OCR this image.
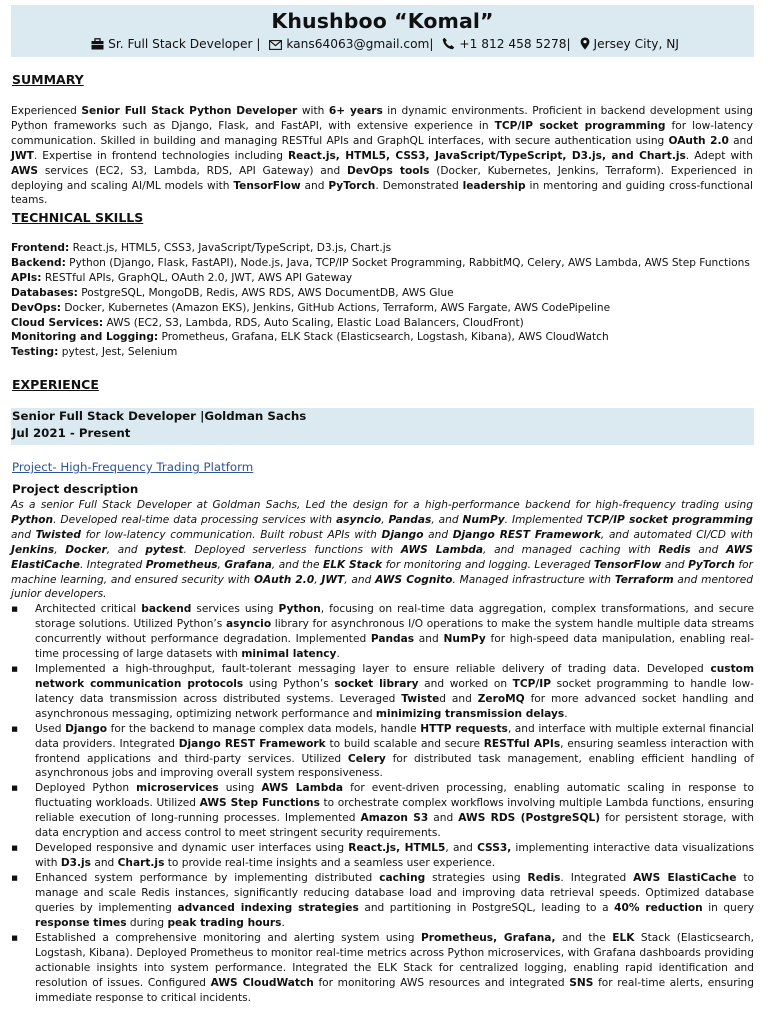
Khushboo “Komal”
Sr. Full Stack Developer | kans64063@gmail.com| +1 812 458 5278| Jersey City, NJ
SUMMARY

Experienced Senior Full Stack Python Developer with 6+ years in dynamic environments. Proficient in backend development using Python frameworks such as Django, Flask, and FastAPI, with extensive experience in TCP/IP socket programming for low-latency communication. Skilled in building and managing RESTful APIs and GraphQL interfaces, with secure authentication using OAuth 2.0 and JWT. Expertise in frontend technologies including React.js, HTML5, CSS3, JavaScript/TypeScript, D3.js, and Chart.js. Adept with AWS services (EC2, S3, Lambda, RDS, API Gateway) and DevOps tools (Docker, Kubernetes, Jenkins, Terraform). Experienced in deploying and scaling AI/ML models with TensorFlow and PyTorch. Demonstrated leadership in mentoring and guiding cross-functional teams.

TECHNICAL SKILLS
Frontend: React.js, HTML5, CSS3, JavaScript/TypeScript, D3.js, Chart.js
Backend: Python (Django, Flask, FastAPI), Node.js, Java, TCP/IP Socket Programming, RabbitMQ, Celery, AWS Lambda, AWS Step Functions
APIs: RESTful APIs, GraphQL, OAuth 2.0, JWT, AWS API Gateway
Databases: PostgreSQL, MongoDB, Redis, AWS RDS, AWS DocumentDB, AWS Glue
DevOps: Docker, Kubernetes (Amazon EKS), Jenkins, GitHub Actions, Terraform, AWS Fargate, AWS CodePipeline
Cloud Services: AWS (EC2, S3, Lambda, RDS, Auto Scaling, Elastic Load Balancers, CloudFront)
Monitoring and Logging: Prometheus, Grafana, ELK Stack (Elasticsearch, Logstash, Kibana), AWS CloudWatch
Testing: pytest, Jest, Selenium
EXPERIENCE
Senior Full Stack Developer |Goldman Sachs
Jul 2021 - Present
Project- High-Frequency Trading Platform
Project description

As a senior Full Stack Developer at Goldman Sachs, Led the design for a high-performance backend for high-frequency trading using Python. Developed real-time data processing services with asyncio, Pandas, and NumPy. Implemented TCP/IP socket programming and Twisted for low-latency communication. Built robust APIs with Django and Django REST Framework, and automated CI/CD with Jenkins, Docker, and pytest. Deployed serverless functions with AWS Lambda, and managed caching with Redis and AWS ElastiCache. Integrated Prometheus, Grafana, and the ELK Stack for monitoring and logging. Leveraged TensorFlow and PyTorch for machine learning, and ensured security with OAuth 2.0, JWT, and AWS Cognito. Managed infrastructure with Terraform and mentored junior developers.

▪ Architected critical backend services using Python, focusing on real-time data aggregation, complex transformations, and secure storage solutions. Utilized Python’s asyncio library for asynchronous I/O operations to make the system handle multiple data streams concurrently without performance degradation. Implemented Pandas and NumPy for high-speed data manipulation, enabling real-time processing of large datasets with minimal latency.
▪ Implemented a high-throughput, fault-tolerant messaging layer to ensure reliable delivery of trading data. Developed custom network communication protocols using Python’s socket library and worked on TCP/IP socket programming to handle low-latency data transmission across distributed systems. Leveraged Twisted and ZeroMQ for more advanced socket handling and asynchronous messaging, optimizing network performance and minimizing transmission delays.
▪ Used Django for the backend to manage complex data models, handle HTTP requests, and interface with multiple external financial data providers. Integrated Django REST Framework to build scalable and secure RESTful APIs, ensuring seamless interaction with frontend applications and third-party services. Utilized Celery for distributed task management, enabling efficient handling of asynchronous jobs and improving overall system responsiveness.
▪ Deployed Python microservices using AWS Lambda for event-driven processing, enabling automatic scaling in response to fluctuating workloads. Utilized AWS Step Functions to orchestrate complex workflows involving multiple Lambda functions, ensuring reliable execution of long-running processes. Implemented Amazon S3 and AWS RDS (PostgreSQL) for persistent storage, with data encryption and access control to meet stringent security requirements.
▪ Developed responsive and dynamic user interfaces using React.js, HTML5, and CSS3, implementing interactive data visualizations with D3.js and Chart.js to provide real-time insights and a seamless user experience.
▪ Enhanced system performance by implementing distributed caching strategies using Redis. Integrated AWS ElastiCache to manage and scale Redis instances, significantly reducing database load and improving data retrieval speeds. Optimized database queries by implementing advanced indexing strategies and partitioning in PostgreSQL, leading to a 40% reduction in query response times during peak trading hours.
▪ Established a comprehensive monitoring and alerting system using Prometheus, Grafana, and the ELK Stack (Elasticsearch, Logstash, Kibana). Deployed Prometheus to monitor real-time metrics across Python microservices, with Grafana dashboards providing actionable insights into system performance. Integrated the ELK Stack for centralized logging, enabling rapid identification and resolution of issues. Configured AWS CloudWatch for monitoring AWS resources and integrated SNS for real-time alerts, ensuring immediate response to critical incidents.
